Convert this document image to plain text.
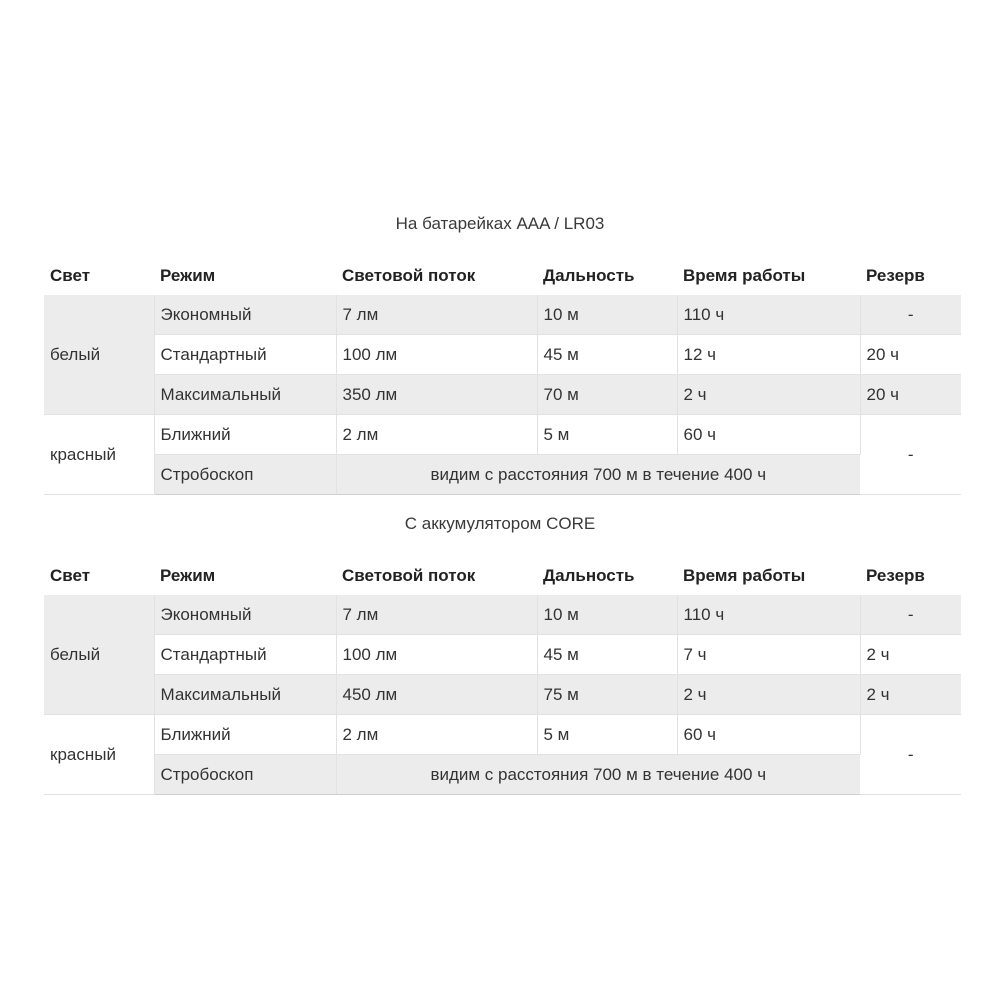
На батарейках AAA / LR03
Свет	Режим	Световой поток	Дальность	Время работы	Резерв
белый	Экономный	7 лм	10 м	110 ч	-
	Стандартный	100 лм	45 м	12 ч	20 ч
	Максимальный	350 лм	70 м	2 ч	20 ч
красный	Ближний	2 лм	5 м	60 ч	-
	Стробоскоп	видим с расстояния 700 м в течение 400 ч			
С аккумулятором CORE
Свет	Режим	Световой поток	Дальность	Время работы	Резерв
белый	Экономный	7 лм	10 м	110 ч	-
	Стандартный	100 лм	45 м	7 ч	2 ч
	Максимальный	450 лм	75 м	2 ч	2 ч
красный	Ближний	2 лм	5 м	60 ч	-
	Стробоскоп	видим с расстояния 700 м в течение 400 ч			
